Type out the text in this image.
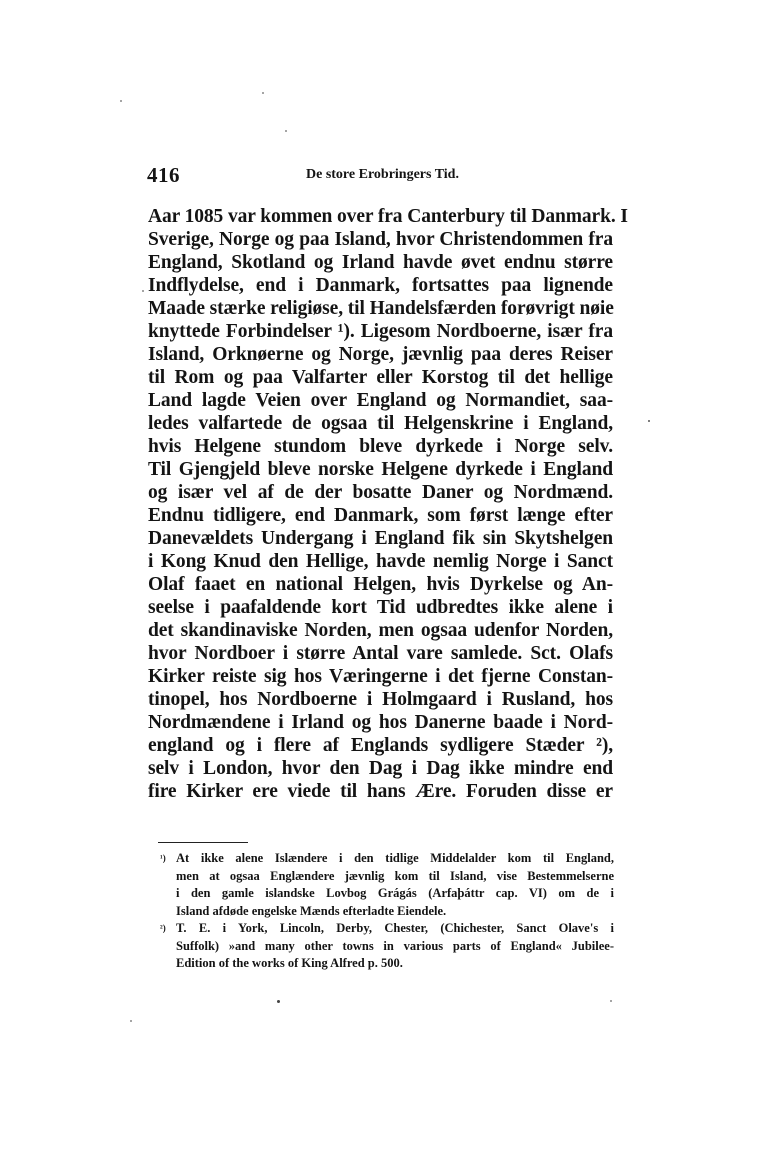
416	De store Erobringers Tid.
Aar 1085 var kommen over fra Canterbury til Danmark. I
Sverige, Norge og paa Island, hvor Christendommen fra
England, Skotland og Irland havde øvet endnu større
Indflydelse, end i Danmark, fortsattes paa lignende
Maade stærke religiøse, til Handelsfærden forøvrigt nøie
knyttede Forbindelser ¹). Ligesom Nordboerne, især fra
Island, Orknøerne og Norge, jævnlig paa deres Reiser
til Rom og paa Valfarter eller Korstog til det hellige
Land lagde Veien over England og Normandiet, saa-
ledes valfartede de ogsaa til Helgenskrine i England,
hvis Helgene stundom bleve dyrkede i Norge selv.
Til Gjengjeld bleve norske Helgene dyrkede i England
og især vel af de der bosatte Daner og Nordmænd.
Endnu tidligere, end Danmark, som først længe efter
Danevældets Undergang i England fik sin Skytshelgen
i Kong Knud den Hellige, havde nemlig Norge i Sanct
Olaf faaet en national Helgen, hvis Dyrkelse og An-
seelse i paafaldende kort Tid udbredtes ikke alene i
det skandinaviske Norden, men ogsaa udenfor Norden,
hvor Nordboer i større Antal vare samlede. Sct. Olafs
Kirker reiste sig hos Væringerne i det fjerne Constan-
tinopel, hos Nordboerne i Holmgaard i Rusland, hos
Nordmændene i Irland og hos Danerne baade i Nord-
england og i flere af Englands sydligere Stæder ²),
selv i London, hvor den Dag i Dag ikke mindre end
fire Kirker ere viede til hans Ære. Foruden disse er
¹) At ikke alene Islændere i den tidlige Middelalder kom til England,
men at ogsaa Englændere jævnlig kom til Island, vise Bestemmelserne
i den gamle islandske Lovbog Grágás (Arfaþáttr cap. VI) om de i
Island afdøde engelske Mænds efterladte Eiendele.
²) T. E. i York, Lincoln, Derby, Chester, (Chichester, Sanct Olave's i
Suffolk) »and many other towns in various parts of England« Jubilee-
Edition of the works of King Alfred p. 500.
